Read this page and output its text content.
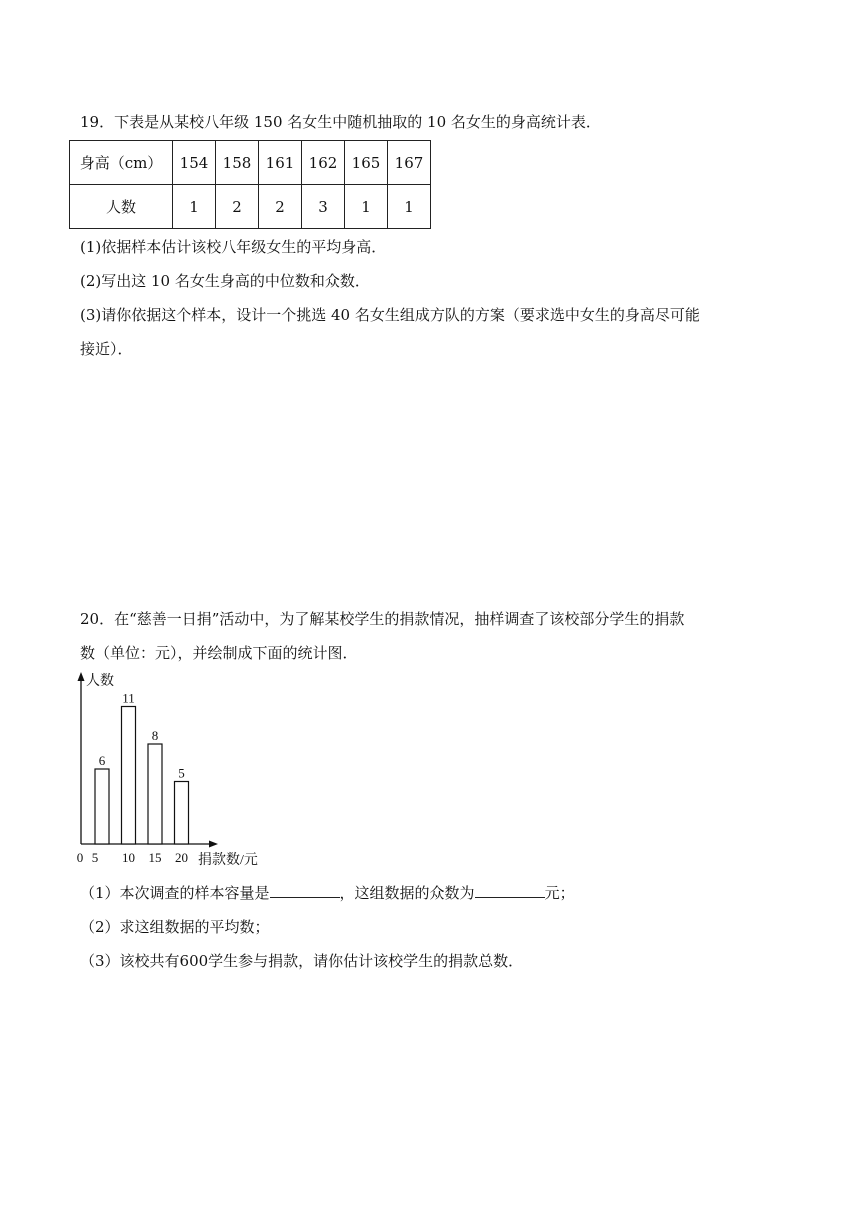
19．下表是从某校八年级 150 名女生中随机抽取的 10 名女生的身高统计表．
身高（cm）	154	158	161	162	165	167
人数	1	2	2	3	1	1
(1)依据样本估计该校八年级女生的平均身高．
(2)写出这 10 名女生身高的中位数和众数．
(3)请你依据这个样本，设计一个挑选 40 名女生组成方队的方案（要求选中女生的身高尽可能
接近）．
20．在“慈善一日捐”活动中，为了解某校学生的捐款情况，抽样调查了该校部分学生的捐款
数（单位：元），并绘制成下面的统计图．
人数
捐款数/元
0
6
5
11
10
8
15
5
20
（1）本次调查的样本容量是	，这组数据的众数为	元；
（2）求这组数据的平均数；
（3）该校共有600学生参与捐款，请你估计该校学生的捐款总数．
